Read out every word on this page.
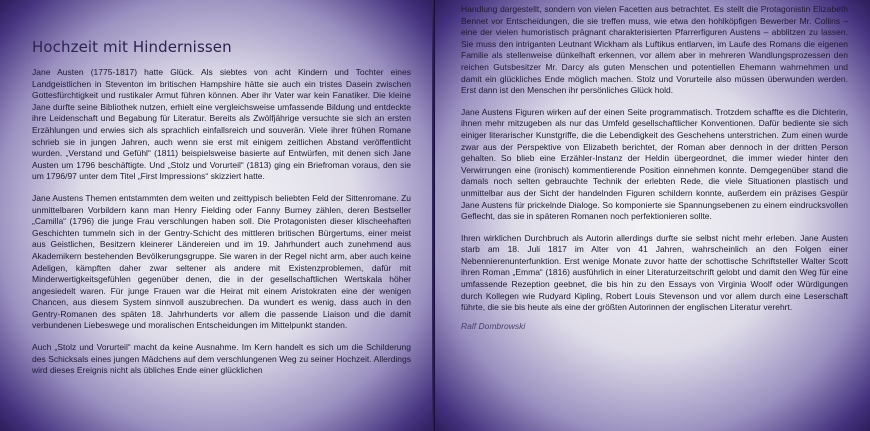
Hochzeit mit Hindernissen

Jane Austen (1775-1817) hatte Glück. Als siebtes von acht Kindern und Tochter eines Landgeistlichen in Steventon im britischen Hampshire hätte sie auch ein tristes Dasein zwischen Gottesfürchtigkeit und rustikaler Armut führen können. Aber ihr Vater war kein Fanatiker. Die kleine Jane durfte seine Bibliothek nutzen, erhielt eine vergleichsweise umfassende Bildung und entdeckte ihre Leidenschaft und Begabung für Literatur. Bereits als Zwölfjährige versuchte sie sich an ersten Erzählungen und erwies sich als sprachlich einfallsreich und souverän. Viele ihrer frühen Romane schrieb sie in jungen Jahren, auch wenn sie erst mit einigem zeitlichen Abstand veröffentlicht wurden. „Verstand und Gefühl“ (1811) beispielsweise basierte auf Entwürfen, mit denen sich Jane Austen um 1796 beschäftigte. Und „Stolz und Vorurteil“ (1813) ging ein Briefroman voraus, den sie um 1796/97 unter dem Titel „First Impressions“ skizziert hatte.

Jane Austens Themen entstammten dem weiten und zeittypisch beliebten Feld der Sittenromane. Zu unmittelbaren Vorbildern kann man Henry Fielding oder Fanny Burney zählen, deren Bestseller „Camilla“ (1796) die junge Frau verschlungen haben soll. Die Protagonisten dieser klischeehaften Geschichten tummeln sich in der Gentry-Schicht des mittleren britischen Bürgertums, einer meist aus Geistlichen, Besitzern kleinerer Ländereien und im 19. Jahrhundert auch zunehmend aus Akademikern bestehenden Bevölkerungsgruppe. Sie waren in der Regel nicht arm, aber auch keine Adeligen, kämpften daher zwar seltener als andere mit Existenzproblemen, dafür mit Minderwertigkeitsgefühlen gegenüber denen, die in der gesellschaftlichen Wertskala höher angesiedelt waren. Für junge Frauen war die Heirat mit einem Aristokraten eine der wenigen Chancen, aus diesem System sinnvoll auszubrechen. Da wundert es wenig, dass auch in den Gentry-Romanen des späten 18. Jahrhunderts vor allem die passende Liaison und die damit verbundenen Liebeswege und moralischen Entscheidungen im Mittelpunkt standen.

Auch „Stolz und Vorurteil“ macht da keine Ausnahme. Im Kern handelt es sich um die Schilderung des Schicksals eines jungen Mädchens auf dem verschlungenen Weg zu seiner Hochzeit. Allerdings wird dieses Ereignis nicht als übliches Ende einer glücklichen

Handlung dargestellt, sondern von vielen Facetten aus betrachtet. Es stellt die Protagonistin Elizabeth Bennet vor Entscheidungen, die sie treffen muss, wie etwa den hohlköpfigen Bewerber Mr. Collins – eine der vielen humoristisch prägnant charakterisierten Pfarrerfiguren Austens – abblitzen zu lassen. Sie muss den intriganten Leutnant Wickham als Luftikus entlarven, im Laufe des Romans die eigenen Familie als stellenweise dünkelhaft erkennen, vor allem aber in mehreren Wandlungsprozessen den reichen Gutsbesitzer Mr. Darcy als guten Menschen und potentiellen Ehemann wahrnehmen und damit ein glückliches Ende möglich machen. Stolz und Vorurteile also müssen überwunden werden. Erst dann ist den Menschen ihr persönliches Glück hold.

Jane Austens Figuren wirken auf der einen Seite programmatisch. Trotzdem schaffte es die Dichterin, ihnen mehr mitzugeben als nur das Umfeld gesellschaftlicher Konventionen. Dafür bediente sie sich einiger literarischer Kunstgriffe, die die Lebendigkeit des Geschehens unterstrichen. Zum einen wurde zwar aus der Perspektive von Elizabeth berichtet, der Roman aber dennoch in der dritten Person gehalten. So blieb eine Erzähler-Instanz der Heldin übergeordnet, die immer wieder hinter den Verwirrungen eine (ironisch) kommentierende Position einnehmen konnte. Demgegenüber stand die damals noch selten gebrauchte Technik der erlebten Rede, die viele Situationen plastisch und unmittelbar aus der Sicht der handelnden Figuren schildern konnte, außerdem ein präzises Gespür Jane Austens für prickelnde Dialoge. So komponierte sie Spannungsebenen zu einem eindrucksvollen Geflecht, das sie in späteren Romanen noch perfektionieren sollte.

Ihren wirklichen Durchbruch als Autorin allerdings durfte sie selbst nicht mehr erleben. Jane Austen starb am 18. Juli 1817 im Alter von 41 Jahren, wahrscheinlich an den Folgen einer Nebennierenunterfunktion. Erst wenige Monate zuvor hatte der schottische Schriftsteller Walter Scott ihren Roman „Emma“ (1816) ausführlich in einer Literaturzeitschrift gelobt und damit den Weg für eine umfassende Rezeption geebnet, die bis hin zu den Essays von Virginia Woolf oder Würdigungen durch Kollegen wie Rudyard Kipling, Robert Louis Stevenson und vor allem durch eine Leserschaft führte, die sie bis heute als eine der größten Autorinnen der englischen Literatur verehrt.

Ralf Dombrowski
